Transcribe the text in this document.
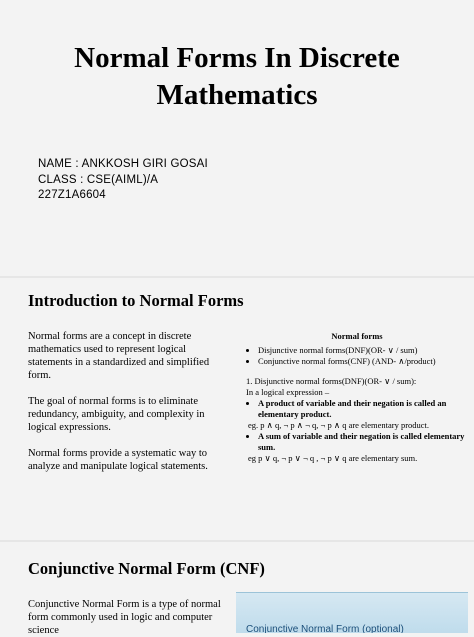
Normal Forms In Discrete Mathematics
NAME : ANKKOSH GIRI GOSAI
CLASS : CSE(AIML)/A
227Z1A6604
Introduction to Normal Forms

Normal forms are a concept in discrete mathematics used to represent logical statements in a standardized and simplified form.

The goal of normal forms is to eliminate redundancy, ambiguity, and complexity in logical expressions.

Normal forms provide a systematic way to analyze and manipulate logical statements.

Normal forms
• Disjunctive normal forms(DNF)(OR- ∨ / sum)
• Conjunctive normal forms(CNF) (AND- ∧/product)
1. Disjunctive normal forms(DNF)(OR- ∨ / sum):
In a logical expression –
• A product of variable and their negation is called an elementary product.
eg. p ∧ q, ¬ p ∧ ¬ q, ¬ p ∧ q are elementary product.
• A sum of variable and their negation is called elementary sum.
eg p ∨ q, ¬ p ∨ ¬ q , ¬ p ∨ q are elementary sum.
Conjunctive Normal Form (CNF)
Conjunctive Normal Form is a type of normal form commonly used in logic and computer science	Conjunctive Normal Form (optional)
